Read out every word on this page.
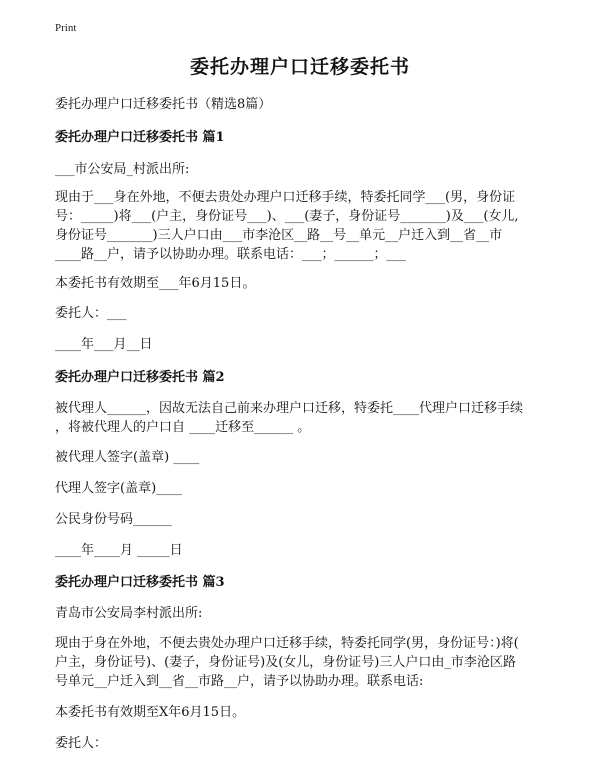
Print
委托办理户口迁移委托书
委托办理户口迁移委托书（精选8篇）
委托办理户口迁移委托书 篇1
___市公安局_村派出所:
现由于___身在外地，不便去贵处办理户口迁移手续，特委托同学___(男，身份证
号：_____)将___(户主，身份证号___)、___(妻子，身份证号_______)及___(女儿,
身份证号_______)三人户口由___市李沧区__路__号__单元__户迁入到__省__市
____路__户，请予以协助办理。联系电话：___；______；___
本委托书有效期至___年6月15日。
委托人：___
____年___月__日
委托办理户口迁移委托书 篇2
被代理人______，因故无法自己前来办理户口迁移，特委托____代理户口迁移手续
，将被代理人的户口自 ____迁移至______ 。
被代理人签字(盖章) ____
代理人签字(盖章)____
公民身份号码______
____年____月 _____日
委托办理户口迁移委托书 篇3
青岛市公安局李村派出所:
现由于身在外地，不便去贵处办理户口迁移手续，特委托同学(男，身份证号：)将(
户主，身份证号)、(妻子，身份证号)及(女儿，身份证号)三人户口由_市李沧区路
号单元__户迁入到__省__市路__户，请予以协助办理。联系电话:
本委托书有效期至X年6月15日。
委托人：
